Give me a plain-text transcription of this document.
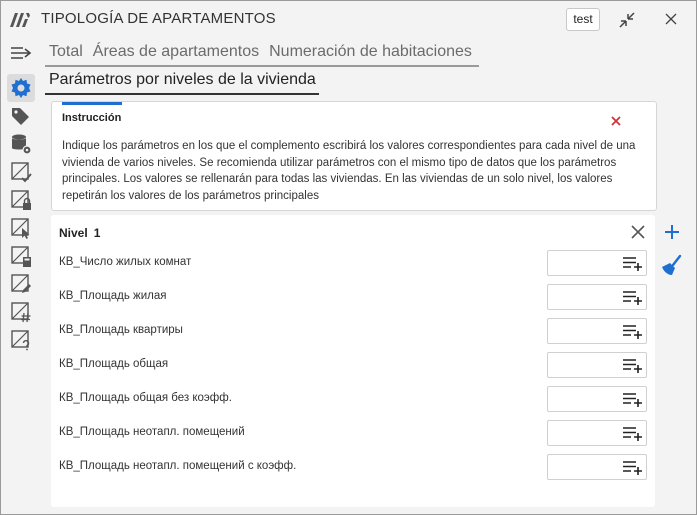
TIPOLOGÍA DE APARTAMENTOS	test
Total Áreas de apartamentos Numeración de habitaciones
Parámetros por niveles de la vivienda
Instrucción
Indique los parámetros en los que el complemento escribirá los valores correspondientes para cada nivel de una vivienda de varios niveles. Se recomienda utilizar parámetros con el mismo tipo de datos que los parámetros principales. Los valores se rellenarán para todas las viviendas. En las viviendas de un solo nivel, los valores repetirán los valores de los parámetros principales
Nivel 1
КВ_Число жилых комнат
КВ_Площадь жилая
КВ_Площадь квартиры
КВ_Площадь общая
КВ_Площадь общая без коэфф.
КВ_Площадь неотапл. помещений
КВ_Площадь неотапл. помещений с коэфф.
